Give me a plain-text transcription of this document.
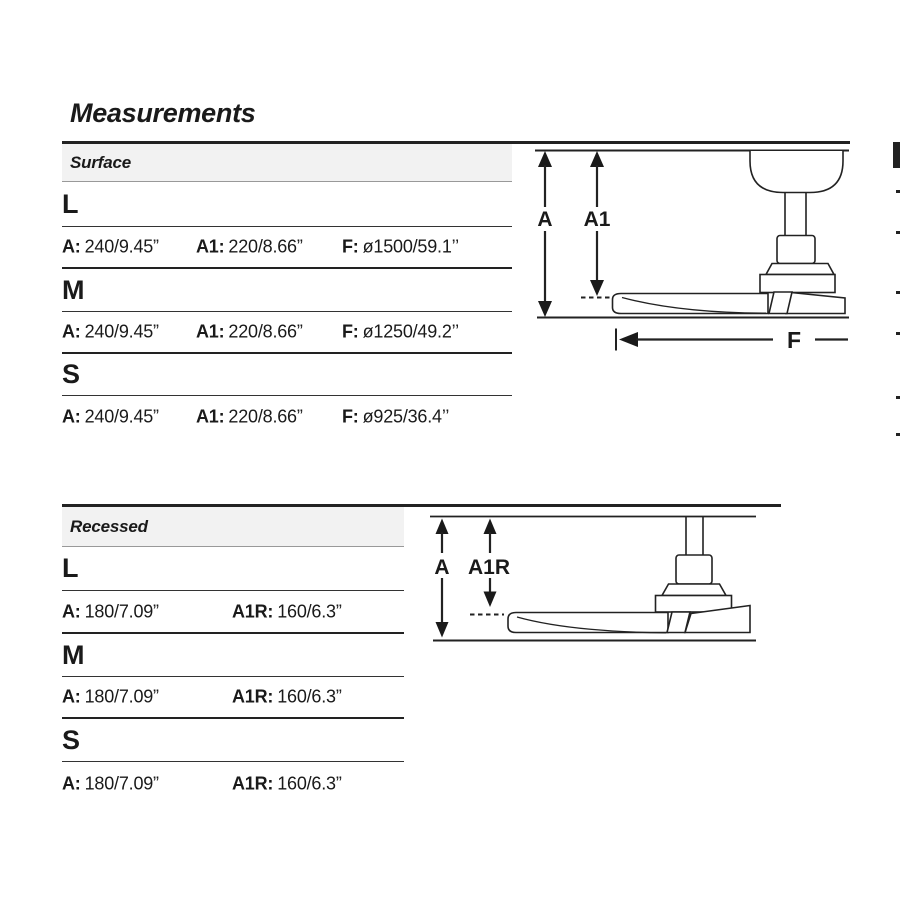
Measurements
Surface
L
A: 240/9.45” A1: 220/8.66” F: ø1500/59.1’’
M
A: 240/9.45” A1: 220/8.66” F: ø1250/49.2’’
S
A: 240/9.45” A1: 220/8.66” F: ø925/36.4’’
A A1
F
Recessed
L
A: 180/7.09”	A1R: 160/6.3”
M
A: 180/7.09”	A1R: 160/6.3”
S
A: 180/7.09”	A1R: 160/6.3”
A A1R
